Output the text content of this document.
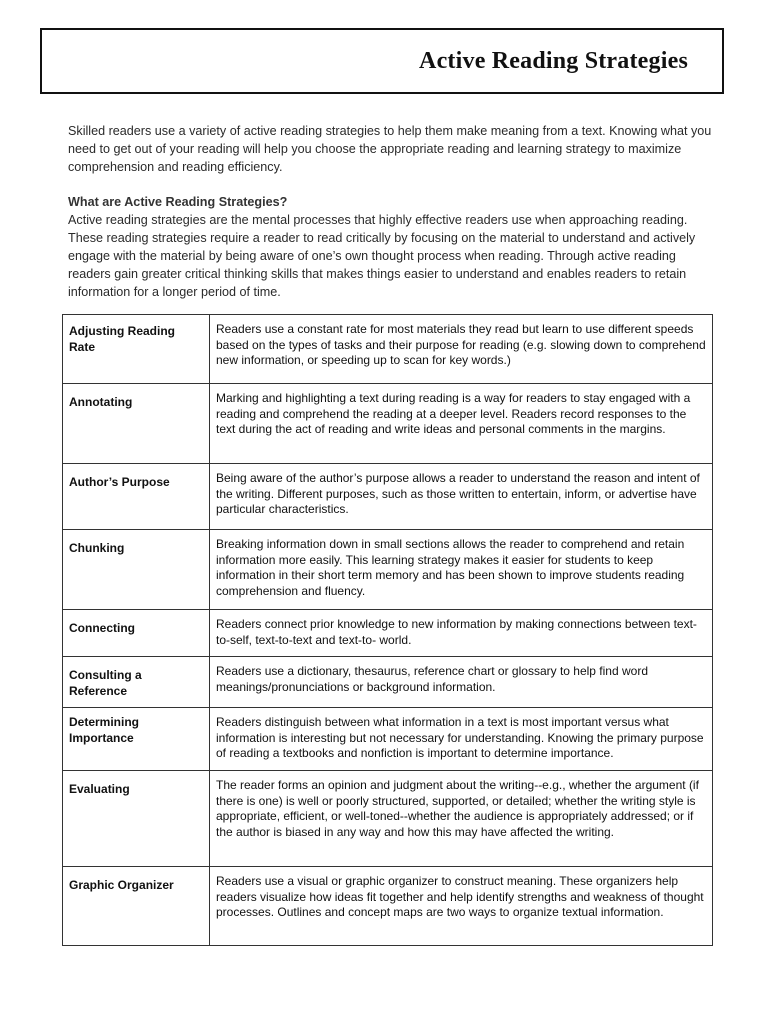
Active Reading Strategies

Skilled readers use a variety of active reading strategies to help them make meaning from a text. Knowing what you need to get out of your reading will help you choose the appropriate reading and learning strategy to maximize comprehension and reading efficiency.

What are Active Reading Strategies?

Active reading strategies are the mental processes that highly effective readers use when approaching reading. These reading strategies require a reader to read critically by focusing on the material to understand and actively engage with the material by being aware of one’s own thought process when reading. Through active reading readers gain greater critical thinking skills that makes things easier to understand and enables readers to retain information for a longer period of time.

Adjusting Reading Rate	Readers use a constant rate for most materials they read but learn to use different speeds based on the types of tasks and their purpose for reading (e.g. slowing down to comprehend new information, or speeding up to scan for key words.)
Annotating	Marking and highlighting a text during reading is a way for readers to stay engaged with a reading and comprehend the reading at a deeper level. Readers record responses to the text during the act of reading and write ideas and personal comments in the margins.
Author’s Purpose	Being aware of the author’s purpose allows a reader to understand the reason and intent of the writing. Different purposes, such as those written to entertain, inform, or advertise have particular characteristics.
Chunking	Breaking information down in small sections allows the reader to comprehend and retain information more easily. This learning strategy makes it easier for students to keep information in their short term memory and has been shown to improve students reading comprehension and fluency.
Connecting	Readers connect prior knowledge to new information by making connections between text-to-self, text-to-text and text-to- world.
Consulting a Reference	Readers use a dictionary, thesaurus, reference chart or glossary to help find word meanings/pronunciations or background information.
Determining Importance	Readers distinguish between what information in a text is most important versus what information is interesting but not necessary for understanding. Knowing the primary purpose of reading a textbooks and nonfiction is important to determine importance.
Evaluating	The reader forms an opinion and judgment about the writing--e.g., whether the argument (if there is one) is well or poorly structured, supported, or detailed; whether the writing style is appropriate, efficient, or well-toned--whether the audience is appropriately addressed; or if the author is biased in any way and how this may have affected the writing.
Graphic Organizer	Readers use a visual or graphic organizer to construct meaning. These organizers help readers visualize how ideas fit together and help identify strengths and weakness of thought processes. Outlines and concept maps are two ways to organize textual information.
